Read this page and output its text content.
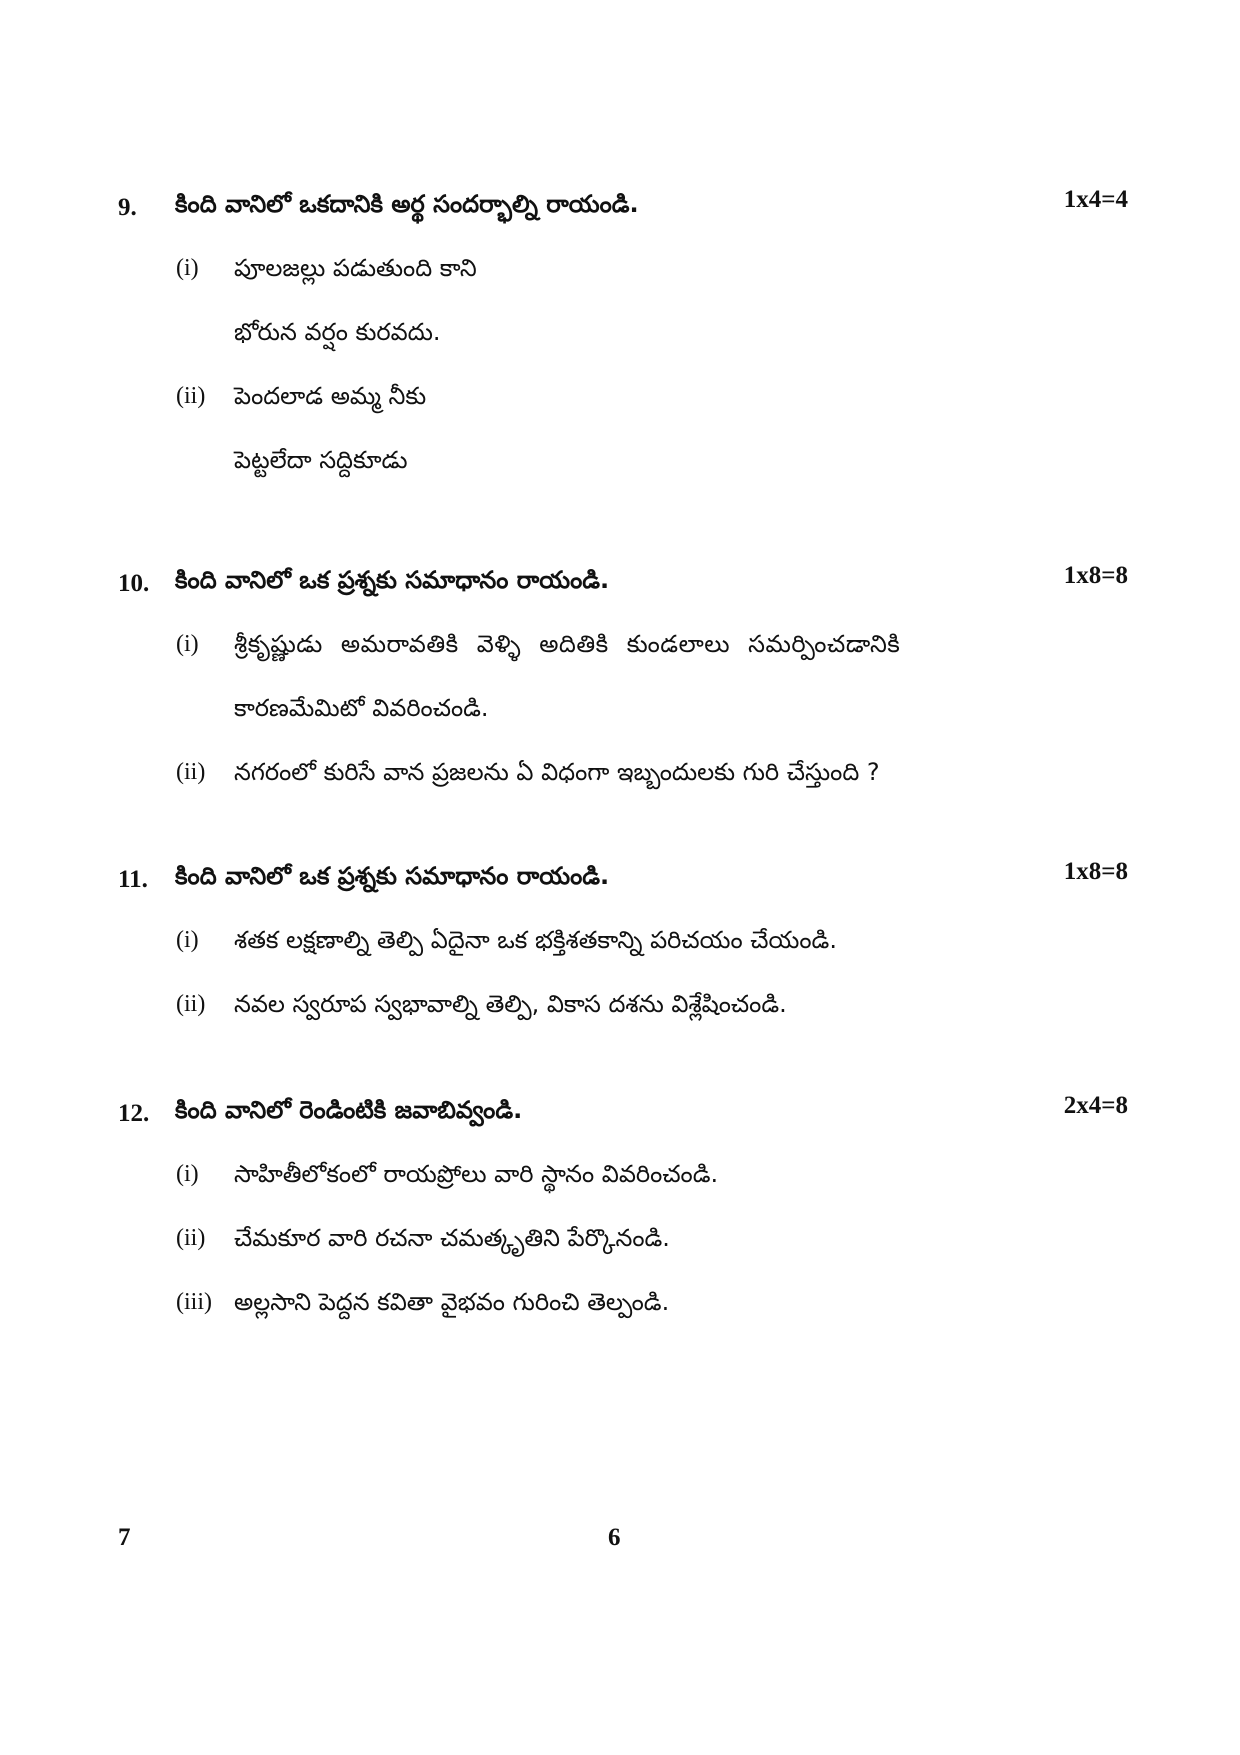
9. కింది వానిలో ఒకదానికి అర్థ సందర్భాల్ని రాయండి.	1x4=4
(i) పూలజల్లు పడుతుంది కాని
భోరున వర్షం కురవదు.
(ii) పెందలాడ అమ్మ నీకు
పెట్టలేదా సద్దికూడు
10. కింది వానిలో ఒక ప్రశ్నకు సమాధానం రాయండి.	1x8=8
(i) శ్రీకృష్ణుడు అమరావతికి వెళ్ళి అదితికి కుండలాలు సమర్పించడానికి
కారణమేమిటో వివరించండి.
(ii) నగరంలో కురిసే వాన ప్రజలను ఏ విధంగా ఇబ్బందులకు గురి చేస్తుంది ?
11. కింది వానిలో ఒక ప్రశ్నకు సమాధానం రాయండి.	1x8=8
(i) శతక లక్షణాల్ని తెల్పి ఏదైనా ఒక భక్తిశతకాన్ని పరిచయం చేయండి.
(ii) నవల స్వరూప స్వభావాల్ని తెల్పి, వికాస దశను విశ్లేషించండి.
12. కింది వానిలో రెండింటికి జవాబివ్వండి.	2x4=8
(i) సాహితీలోకంలో రాయప్రోలు వారి స్థానం వివరించండి.
(ii) చేమకూర వారి రచనా చమత్కృతిని పేర్కొనండి.
(iii) అల్లసాని పెద్దన కవితా వైభవం గురించి తెల్పండి.
7	6
